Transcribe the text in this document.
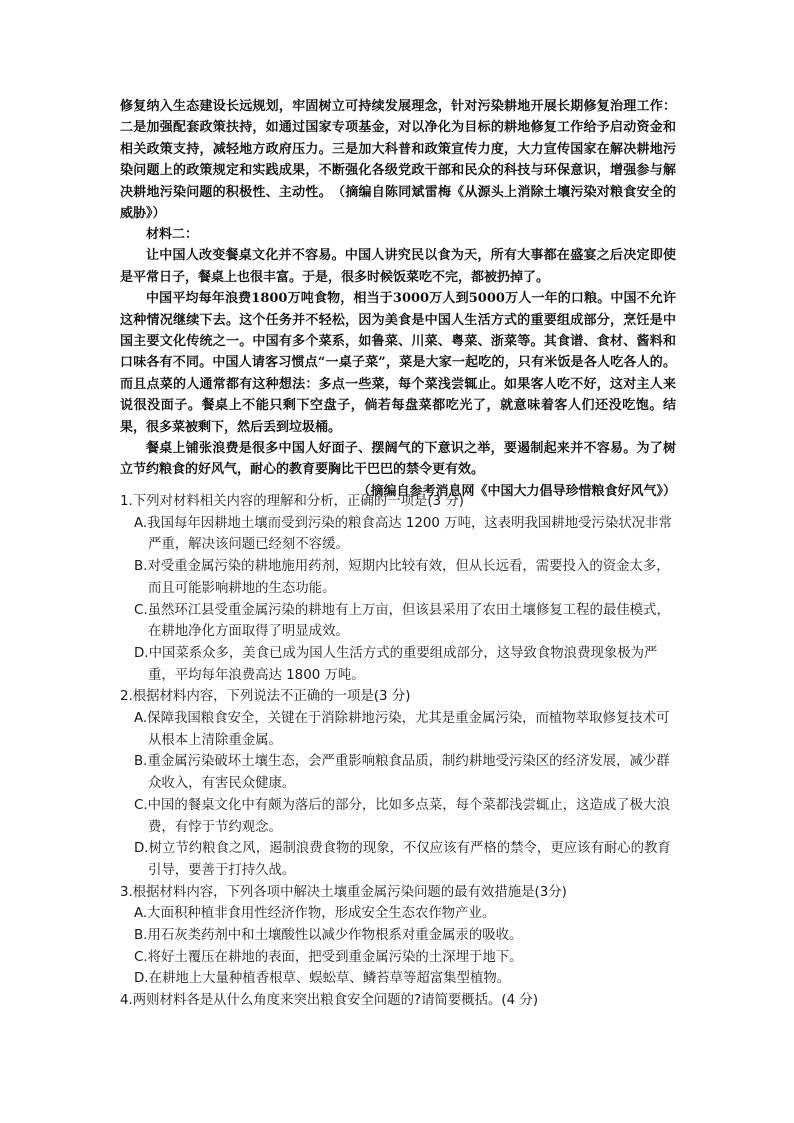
修复纳入生态建设长远规划，牢固树立可持续发展理念，针对污染耕地开展长期修复治理工作：二是加强配套政策扶持，如通过国家专项基金，对以净化为目标的耕地修复工作给予启动资金和相关政策支持，减轻地方政府压力。三是加大科普和政策宣传力度，大力宣传国家在解决耕地污染问题上的政策规定和实践成果，不断强化各级党政干部和民众的科技与环保意识，增强参与解决耕地污染问题的积极性、主动性。　（摘编自陈同斌雷梅《从源头上消除土壤污染对粮食安全的威胁》）

材料二：

让中国人改变餐桌文化并不容易。中国人讲究民以食为天，所有大事都在盛宴之后决定即使是平常日子，餐桌上也很丰富。于是，很多时候饭菜吃不完，都被扔掉了。

中国平均每年浪费1800万吨食物，相当于3000万人到5000万人一年的口粮。中国不允许这种情况继续下去。这个任务并不轻松，因为美食是中国人生活方式的重要组成部分，烹饪是中国主要文化传统之一。中国有多个菜系，如鲁菜、川菜、粤菜、浙菜等。其食谱、食材、酱料和口味各有不同。中国人请客习惯点“一桌子菜”，菜是大家一起吃的，只有米饭是各人吃各人的。而且点菜的人通常都有这种想法：多点一些菜，每个菜浅尝辄止。如果客人吃不好，这对主人来说很没面子。餐桌上不能只剩下空盘子，倘若每盘菜都吃光了，就意味着客人们还没吃饱。结果，很多菜被剩下，然后丢到垃圾桶。

餐桌上铺张浪费是很多中国人好面子、摆阔气的下意识之举，要遏制起来并不容易。为了树立节约粮食的好风气，耐心的教育要胸比干巴巴的禁令更有效。

（摘编自参考消息网《中国大力倡导珍惜粮食好风气》）

1.下列对材料相关内容的理解和分析，正确的一项是(3 分)

A.我国每年因耕地土壤而受到污染的粮食高达 1200 万吨，这表明我国耕地受污染状况非常严重，解决该问题已经刻不容缓。

B.对受重金属污染的耕地施用药剂，短期内比较有效，但从长远看，需要投入的资金太多，而且可能影响耕地的生态功能。

C.虽然环江县受重金属污染的耕地有上万亩，但该县采用了农田土壤修复工程的最佳模式，在耕地净化方面取得了明显成效。

D.中国菜系众多，美食已成为国人生活方式的重要组成部分，这导致食物浪费现象极为严重，平均每年浪费高达 1800 万吨。

2.根据材料内容，下列说法不正确的一项是(3 分)

A.保障我国粮食安全，关键在于消除耕地污染，尤其是重金属污染，而植物萃取修复技术可从根本上清除重金属。

B.重金属污染破坏土壤生态，会严重影响粮食品质，制约耕地受污染区的经济发展，减少群众收入，有害民众健康。

C.中国的餐桌文化中有颇为落后的部分，比如多点菜，每个菜都浅尝辄止，这造成了极大浪费，有悖于节约观念。

D.树立节约粮食之风，遏制浪费食物的现象，不仅应该有严格的禁令，更应该有耐心的教育引导，要善于打持久战。

3.根据材料内容，下列各项中解决土壤重金属污染问题的最有效措施是(3分)

A.大面积种植非食用性经济作物，形成安全生态农作物产业。

B.用石灰类药剂中和土壤酸性以减少作物根系对重金属汞的吸收。

C.将好土覆压在耕地的表面，把受到重金属污染的土深埋于地下。

D.在耕地上大量种植香根草、蜈蚣草、鳞苔草等超富集型植物。

4.两则材料各是从什么角度来突出粮食安全问题的?请简要概括。(4 分)
